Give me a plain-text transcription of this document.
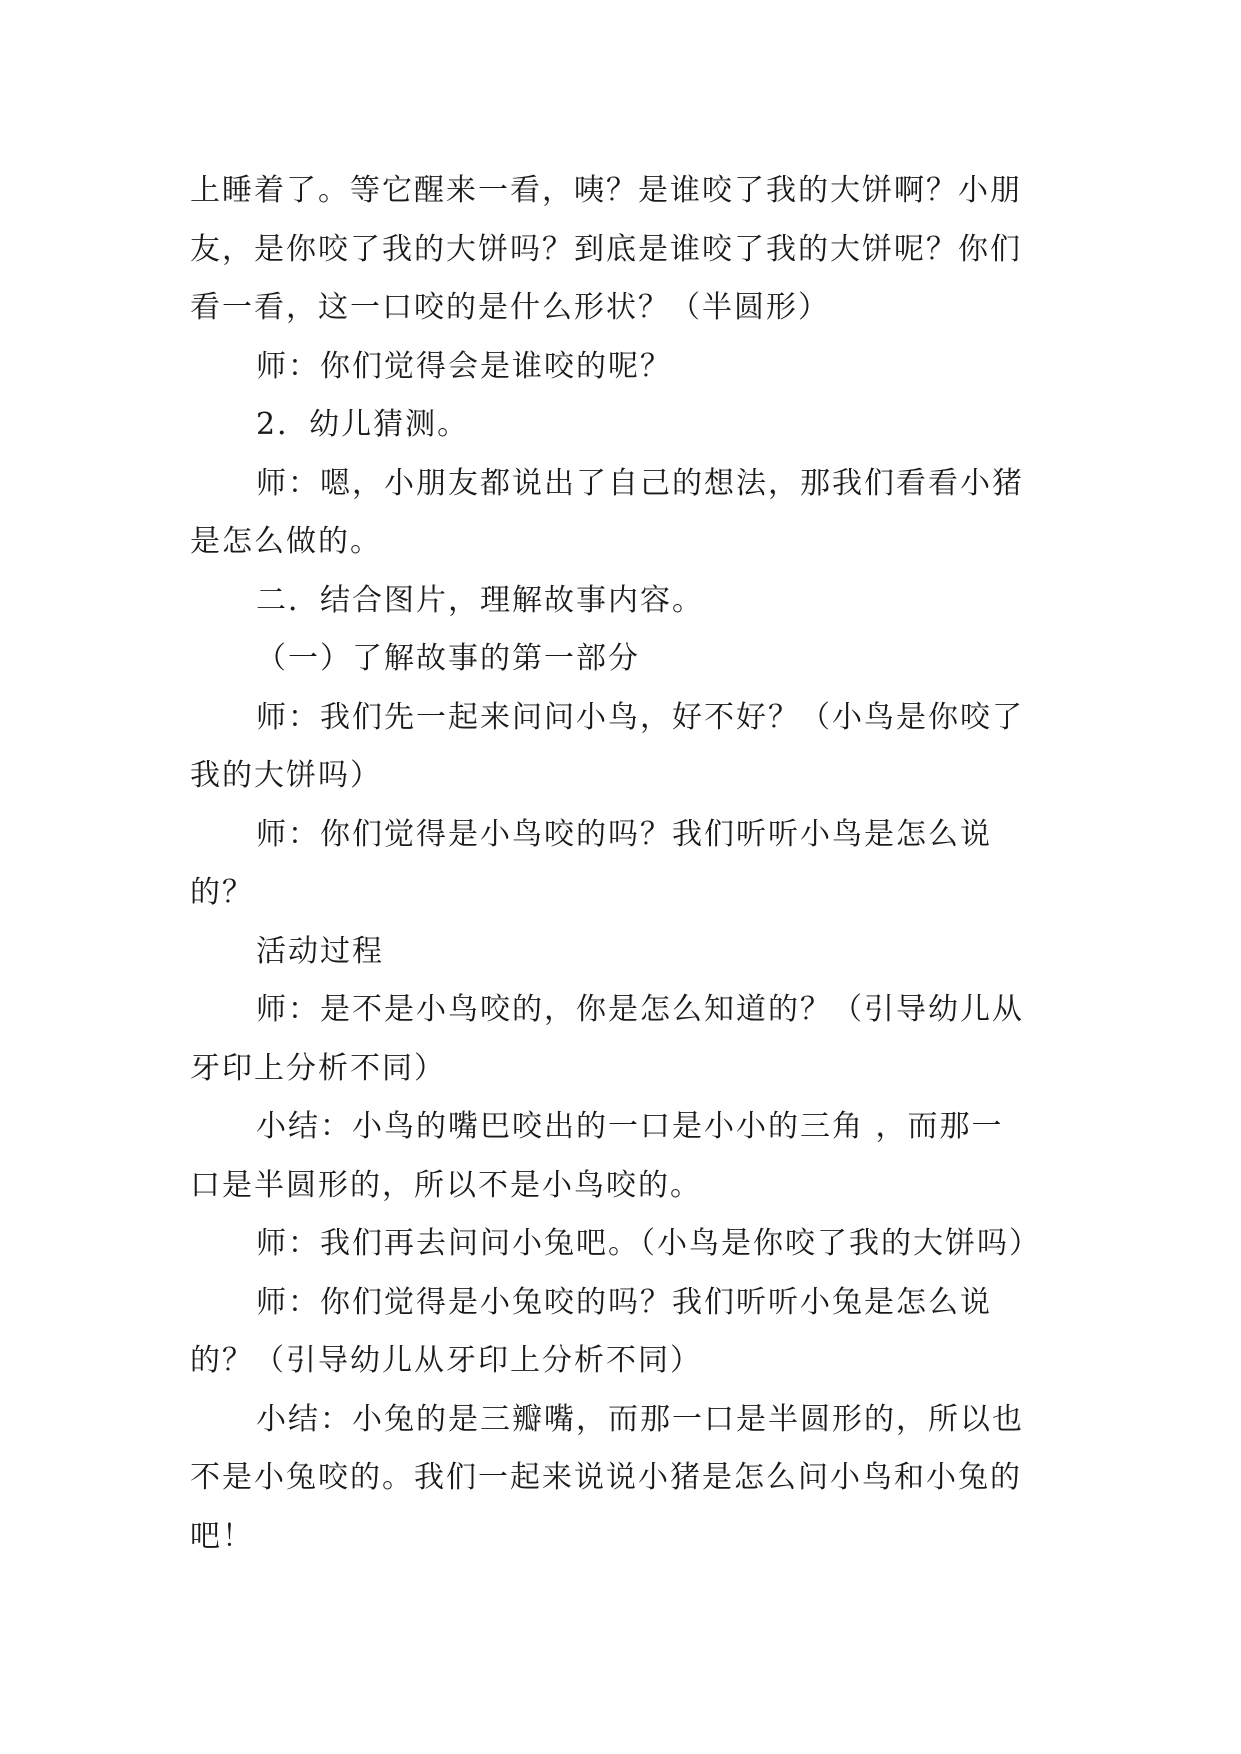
上睡着了。等它醒来一看，咦？是谁咬了我的大饼啊？小朋
友，是你咬了我的大饼吗？到底是谁咬了我的大饼呢？你们
看一看，这一口咬的是什么形状？（半圆形）

师：你们觉得会是谁咬的呢？

2．幼儿猜测。

师：嗯，小朋友都说出了自己的想法，那我们看看小猪
是怎么做的。

二．结合图片，理解故事内容。

（一）了解故事的第一部分

师：我们先一起来问问小鸟，好不好？（小鸟是你咬了
我的大饼吗）

师：你们觉得是小鸟咬的吗？我们听听小鸟是怎么说
的？

活动过程

师：是不是小鸟咬的，你是怎么知道的？（引导幼儿从
牙印上分析不同）

小结：小鸟的嘴巴咬出的一口是小小的三角 ，而那一
口是半圆形的，所以不是小鸟咬的。

师：我们再去问问小兔吧。（小鸟是你咬了我的大饼吗）

师：你们觉得是小兔咬的吗？我们听听小兔是怎么说
的？（引导幼儿从牙印上分析不同）

小结：小兔的是三瓣嘴，而那一口是半圆形的，所以也
不是小兔咬的。我们一起来说说小猪是怎么问小鸟和小兔的
吧！
